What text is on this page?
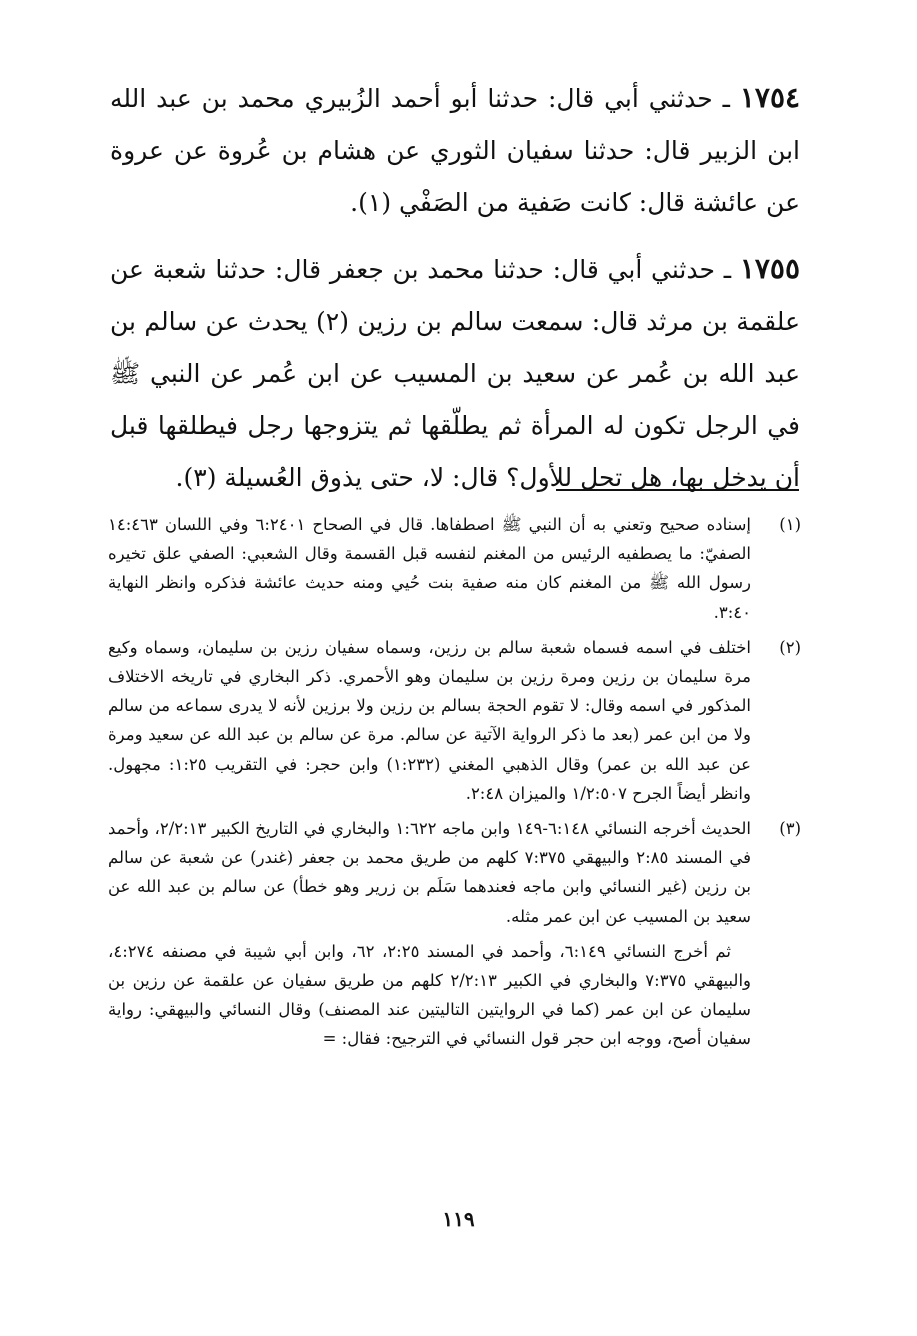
١٧٥٤ ـ حدثني أبي قال: حدثنا أبو أحمد الزُبيري محمد بن عبد الله ابن الزبير قال: حدثنا سفيان الثوري عن هشام بن عُروة عن عروة عن عائشة قال: كانت صَفية من الصَفْي (١).

١٧٥٥ ـ حدثني أبي قال: حدثنا محمد بن جعفر قال: حدثنا شعبة عن علقمة بن مرثد قال: سمعت سالم بن رزين (٢) يحدث عن سالم بن عبد الله بن عُمر عن سعيد بن المسيب عن ابن عُمر عن النبي ﷺ في الرجل تكون له المرأة ثم يطلّقها ثم يتزوجها رجل فيطلقها قبل أن يدخل بها، هل تحل للأول؟ قال: لا، حتى يذوق العُسيلة (٣).

(١)

إسناده صحيح وتعني به أن النبي ﷺ اصطفاها. قال في الصحاح ٦:٢٤٠١ وفي اللسان ١٤:٤٦٣ الصفيّ: ما يصطفيه الرئيس من المغنم لنفسه قبل القسمة وقال الشعبي: الصفي علق تخيره رسول الله ﷺ من المغنم كان منه صفية بنت حُيي ومنه حديث عائشة فذكره وانظر النهاية ٣:٤٠.

(٢)

اختلف في اسمه فسماه شعبة سالم بن رزين، وسماه سفيان رزين بن سليمان، وسماه وكيع مرة سليمان بن رزين ومرة رزين بن سليمان وهو الأحمري. ذكر البخاري في تاريخه الاختلاف المذكور في اسمه وقال: لا تقوم الحجة بسالم بن رزين ولا برزين لأنه لا يدرى سماعه من سالم ولا من ابن عمر (بعد ما ذكر الرواية الآتية عن سالم. مرة عن سالم بن عبد الله عن سعيد ومرة عن عبد الله بن عمر) وقال الذهبي المغني (١:٢٣٢) وابن حجر: في التقريب ١:٢٥: مجهول. وانظر أيضاً الجرح ١/٢:٥٠٧ والميزان ٢:٤٨.

(٣)

الحديث أخرجه النسائي ٦:١٤٨-١٤٩ وابن ماجه ١:٦٢٢ والبخاري في التاريخ الكبير ٢/٢:١٣، وأحمد في المسند ٢:٨٥ والبيهقي ٧:٣٧٥ كلهم من طريق محمد بن جعفر (غندر) عن شعبة عن سالم بن رزين (غير النسائي وابن ماجه فعندهما سَلَم بن زرير وهو خطأ) عن سالم بن عبد الله عن سعيد بن المسيب عن ابن عمر مثله.

ثم أخرج النسائي ٦:١٤٩، وأحمد في المسند ٢:٢٥، ٦٢، وابن أبي شيبة في مصنفه ٤:٢٧٤، والبيهقي ٧:٣٧٥ والبخاري في الكبير ٢/٢:١٣ كلهم من طريق سفيان عن علقمة عن رزين بن سليمان عن ابن عمر (كما في الروايتين التاليتين عند المصنف) وقال النسائي والبيهقي: رواية سفيان أصح، ووجه ابن حجر قول النسائي في الترجيح: فقال: =

١١٩
